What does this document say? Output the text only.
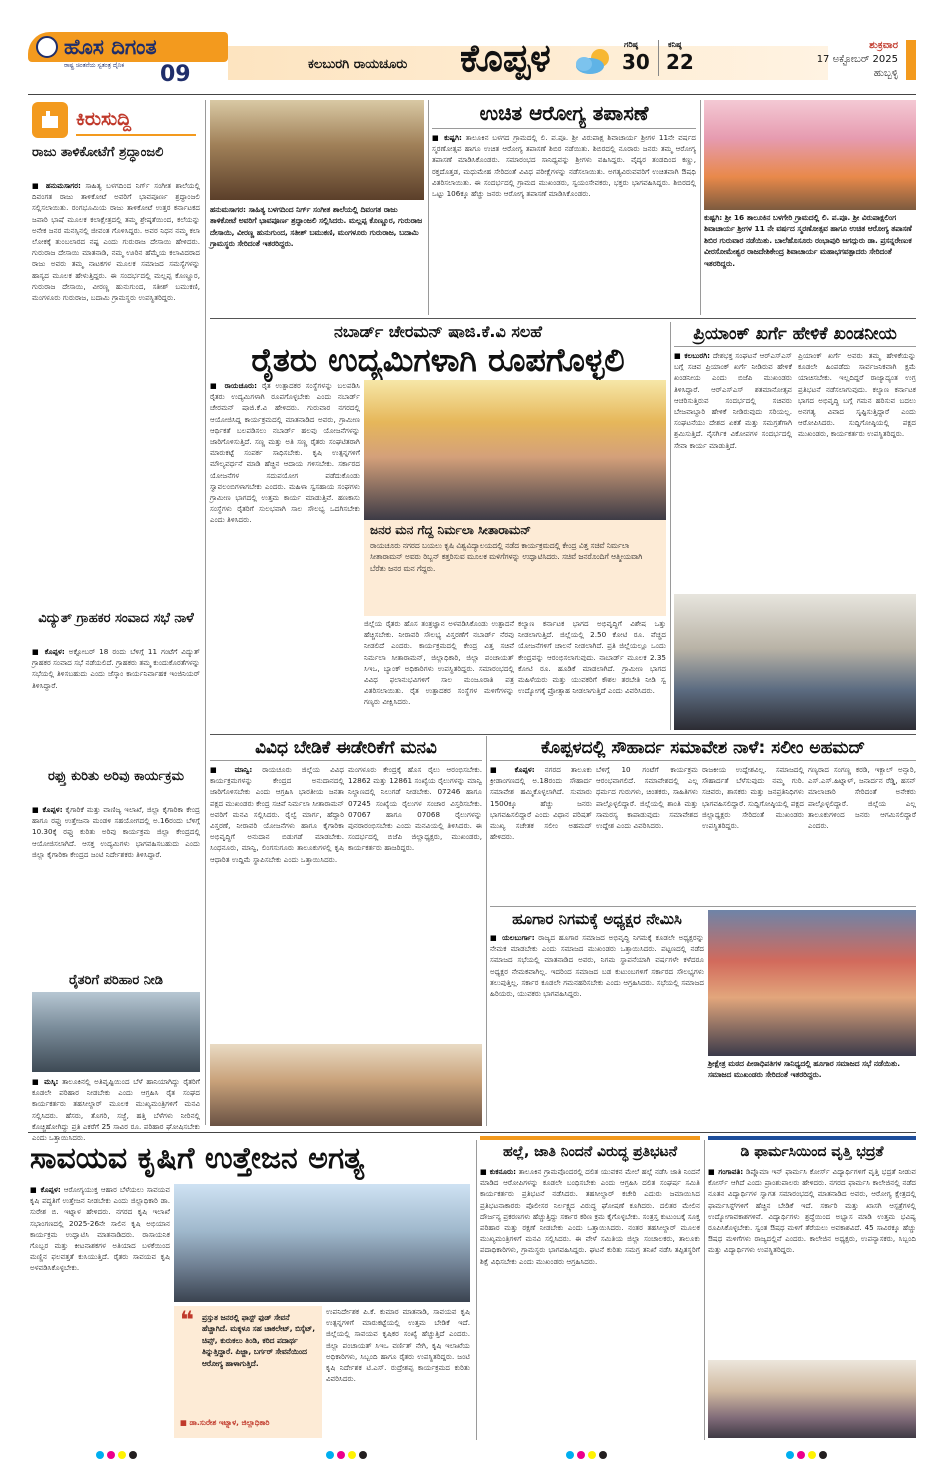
ಹೊಸ ದಿಗಂತ
ರಾಷ್ಟ್ರ ಚಿಂತನೆಯ ಸ್ವತಂತ್ರ ದೈನಿಕ 09	ಕಲಬುರಗಿ ರಾಯಚೂರು ಕೊಪ್ಪಳ	ಗರಿಷ್ಠ
30
ಕನಿಷ್ಠ
22
ಶುಕ್ರವಾರ
17 ಅಕ್ಟೋಬರ್ 2025
ಹುಬ್ಬಳ್ಳಿ
ಕಿರುಸುದ್ದಿ
ರಾಜು ತಾಳಿಕೋಟೆಗೆ ಶ್ರದ್ಧಾಂಜಲಿ
■ ಹನುಮಸಾಗರ: ಸಾಹಿತ್ಯ ಬಳಗದಿಂದ ನಿರ್ಗ್ ಸಂಗೀತ ಶಾಲೆಯಲ್ಲಿ ದಿವಂಗತ ರಾಜು ತಾಳಿಕೋಟೆ ಅವರಿಗೆ ಭಾವಪೂರ್ಣ ಶ್ರದ್ಧಾಂಜಲಿ ಸಲ್ಲಿಸಲಾಯಿತು. ರಂಗಭೂಮಿಯ ರಾಜು ತಾಳಿಕೋಟೆ ಉತ್ತರ ಕರ್ನಾಟಕದ ಜವಾರಿ ಭಾಷೆ ಮೂಲಕ ಕಲಾಕ್ಷೇತ್ರದಲ್ಲಿ ತಮ್ಮ ಶ್ರೇಷ್ಠತೆಯಿಂದ, ಕಲೆಯನ್ನು ಅನೇಕ ಜನರ ಮನಸ್ಸಿನಲ್ಲಿ ಜೀವಂತ ಗೊಳಿಸಿದ್ದರು. ಅವರ ನಿಧನ ನಮ್ಮ ಕಲಾ ಲೋಕಕ್ಕೆ ತುಂಬಲಾರದ ನಷ್ಟ ಎಂದು ಗುರುರಾಜ ದೇಸಾಯಿ ಹೇಳಿದರು. ಗುರುರಾಜ ದೇಸಾಯಿ ಮಾತನಾಡಿ, ನಮ್ಮ ಊರಿನ ಹೆಮ್ಮೆಯ ಕಲಾವಿದರಾದ ರಾಜು ಅವರು ತಮ್ಮ ನಾಟಕಗಳ ಮೂಲಕ ಸಮಾಜದ ಸಮಸ್ಯೆಗಳನ್ನು ಹಾಸ್ಯದ ಮೂಲಕ ಹೇಳುತ್ತಿದ್ದರು. ಈ ಸಂದರ್ಭದಲ್ಲಿ ಮಲ್ಲಪ್ಪ ಕೊಣ್ಣೂರ, ಗುರುರಾಜ ದೇಸಾಯಿ, ವೀರಣ್ಣ ಹುನುಗುಂದ, ಸತೀಶ್ ಬಮುಕಣಿ, ಮಂಗಳೂರು ಗುರುರಾಜ, ಬದಾಮಿ ಗ್ರಾಮಸ್ಥರು ಉಪಸ್ಥಿತರಿದ್ದರು.
ವಿದ್ಯುತ್ ಗ್ರಾಹಕರ ಸಂವಾದ ಸಭೆ ನಾಳೆ
■ ಕೊಪ್ಪಳ: ಅಕ್ಟೋಬರ್ 18 ರಂದು ಬೆಳಿಗ್ಗೆ 11 ಗಂಟೆಗೆ ವಿದ್ಯುತ್ ಗ್ರಾಹಕರ ಸಂವಾದ ಸಭೆ ನಡೆಯಲಿದೆ. ಗ್ರಾಹಕರು ತಮ್ಮ ಕುಂದುಕೊರತೆಗಳನ್ನು ಸಭೆಯಲ್ಲಿ ತಿಳಿಸಬಹುದು ಎಂದು ಜೆಸ್ಕಾಂ ಕಾರ್ಯನಿರ್ವಾಹಕ ಇಂಜಿನಿಯರ್ ತಿಳಿಸಿದ್ದಾರೆ.
ರಫ್ತು ಕುರಿತು ಅರಿವು ಕಾರ್ಯಕ್ರಮ
■ ಕೊಪ್ಪಳ: ಕೈಗಾರಿಕೆ ಮತ್ತು ವಾಣಿಜ್ಯ ಇಲಾಖೆ, ಜಿಲ್ಲಾ ಕೈಗಾರಿಕಾ ಕೇಂದ್ರ ಹಾಗೂ ರಫ್ತು ಉತ್ತೇಜನಾ ಮಂಡಳಿ ಸಹಯೋಗದಲ್ಲಿ ಅ.16ರಂದು ಬೆಳಿಗ್ಗೆ 10.30ಕ್ಕೆ ರಫ್ತು ಕುರಿತು ಅರಿವು ಕಾರ್ಯಕ್ರಮ ಜಿಲ್ಲಾ ಕೇಂದ್ರದಲ್ಲಿ ಆಯೋಜಿಸಲಾಗಿದೆ. ಆಸಕ್ತ ಉದ್ಯಮಿಗಳು ಭಾಗವಹಿಸಬಹುದು ಎಂದು ಜಿಲ್ಲಾ ಕೈಗಾರಿಕಾ ಕೇಂದ್ರದ ಜಂಟಿ ನಿರ್ದೇಶಕರು ತಿಳಿಸಿದ್ದಾರೆ.
ರೈತರಿಗೆ ಪರಿಹಾರ ನೀಡಿ
■ ಮಸ್ಕಿ: ತಾಲೂಕಿನಲ್ಲಿ ಅತಿವೃಷ್ಟಿಯಿಂದ ಬೆಳೆ ಹಾನಿಯಾಗಿದ್ದು ರೈತರಿಗೆ ಕೂಡಲೇ ಪರಿಹಾರ ನೀಡಬೇಕು ಎಂದು ಆಗ್ರಹಿಸಿ ರೈತ ಸಂಘದ ಕಾರ್ಯಕರ್ತರು ತಹಸೀಲ್ದಾರ್ ಮೂಲಕ ಮುಖ್ಯಮಂತ್ರಿಗಳಿಗೆ ಮನವಿ ಸಲ್ಲಿಸಿದರು. ಹೆಸರು, ತೊಗರಿ, ಸಜ್ಜೆ, ಹತ್ತಿ ಬೆಳೆಗಳು ನೀರಿನಲ್ಲಿ ಕೊಚ್ಚಿಹೋಗಿದ್ದು ಪ್ರತಿ ಎಕರೆಗೆ 25 ಸಾವಿರ ರೂ. ಪರಿಹಾರ ಘೋಷಿಸಬೇಕು ಎಂದು ಒತ್ತಾಯಿಸಿದರು.
ಹನುಮಸಾಗರ: ಸಾಹಿತ್ಯ ಬಳಗದಿಂದ ನಿರ್ಗ್ ಸಂಗೀತ ಶಾಲೆಯಲ್ಲಿ ದಿವಂಗತ ರಾಜು ತಾಳಿಕೋಟೆ ಅವರಿಗೆ ಭಾವಪೂರ್ಣ ಶ್ರದ್ಧಾಂಜಲಿ ಸಲ್ಲಿಸಿದರು. ಮಲ್ಲಪ್ಪ ಕೊಣ್ಣೂರ, ಗುರುರಾಜ ದೇಸಾಯಿ, ವೀರಣ್ಣ ಹುನುಗುಂದ, ಸತೀಶ್ ಬಮುಕಣಿ, ಮಂಗಳೂರು ಗುರುರಾಜ, ಬದಾಮಿ ಗ್ರಾಮಸ್ಥರು ಸೇರಿದಂತೆ ಇತರರಿದ್ದರು.
ಉಚಿತ ಆರೋಗ್ಯ ತಪಾಸಣೆ
■ ಕುಷ್ಟಗಿ: ತಾಲೂಕಿನ ಬಳಗದ ಗ್ರಾಮದಲ್ಲಿ ಲಿ. ಪ.ಪೂ. ಶ್ರೀ ವಿರುಪಾಕ್ಷ ಶಿವಾಚಾರ್ಯ ಶ್ರೀಗಳ 11ನೇ ವರ್ಷದ ಸ್ಮರಣೋತ್ಸವ ಹಾಗೂ ಉಚಿತ ಆರೋಗ್ಯ ತಪಾಸಣೆ ಶಿಬಿರ ನಡೆಯಿತು. ಶಿಬಿರದಲ್ಲಿ ನೂರಾರು ಜನರು ತಮ್ಮ ಆರೋಗ್ಯ ತಪಾಸಣೆ ಮಾಡಿಸಿಕೊಂಡರು. ಸಮಾರಂಭದ ಸಾನಿಧ್ಯವನ್ನು ಶ್ರೀಗಳು ವಹಿಸಿದ್ದರು. ವೈದ್ಯರ ತಂಡದಿಂದ ಕಣ್ಣು, ರಕ್ತದೊತ್ತಡ, ಮಧುಮೇಹ ಸೇರಿದಂತೆ ವಿವಿಧ ಪರೀಕ್ಷೆಗಳನ್ನು ನಡೆಸಲಾಯಿತು. ಅಗತ್ಯವಿರುವವರಿಗೆ ಉಚಿತವಾಗಿ ಔಷಧಿ ವಿತರಿಸಲಾಯಿತು. ಈ ಸಂದರ್ಭದಲ್ಲಿ ಗ್ರಾಮದ ಮುಖಂಡರು, ಸ್ವಯಂಸೇವಕರು, ಭಕ್ತರು ಭಾಗವಹಿಸಿದ್ದರು. ಶಿಬಿರದಲ್ಲಿ ಒಟ್ಟು 106ಕ್ಕೂ ಹೆಚ್ಚು ಜನರು ಆರೋಗ್ಯ ತಪಾಸಣೆ ಮಾಡಿಸಿಕೊಂಡರು.
ಕುಷ್ಟಗಿ: ಶ್ರೀ 16 ತಾಲೂಕಿನ ಬಳಗೇರಿ ಗ್ರಾಮದಲ್ಲಿ ಲಿ. ಪ.ಪೂ. ಶ್ರೀ ವಿರುಪಾಕ್ಷಲಿಂಗ ಶಿವಾಚಾರ್ಯ ಶ್ರೀಗಳ 11 ನೇ ವರ್ಷದ ಸ್ಮರಣೋತ್ಸವ ಹಾಗೂ ಉಚಿತ ಆರೋಗ್ಯ ತಪಾಸಣೆ ಶಿಬಿರ ಗುರುವಾರ ನಡೆಯಿತು. ಬಾಲೆಹೊಸೂರು ರಂಭಾಪುರಿ ಜಗದ್ಗುರು ಡಾ. ಪ್ರಸನ್ನರೇಣುಕ ವೀರಸೋಮೇಶ್ವರ ರಾಜದೇಶಿಕೇಂದ್ರ ಶಿವಾಚಾರ್ಯ ಮಹಾಭಗವತ್ಪಾದರು ಸೇರಿದಂತೆ ಇತರರಿದ್ದರು.
ನಬಾರ್ಡ್ ಚೇರಮನ್ ಷಾಜಿ.ಕೆ.ವಿ ಸಲಹೆ
ರೈತರು ಉದ್ಯಮಿಗಳಾಗಿ ರೂಪಗೊಳ್ಳಲಿ
■ ರಾಯಚೂರು: ರೈತ ಉತ್ಪಾದಕರ ಸಂಸ್ಥೆಗಳನ್ನು ಬಲಪಡಿಸಿ ರೈತರು ಉದ್ಯಮಿಗಳಾಗಿ ರೂಪಗೊಳ್ಳಬೇಕು ಎಂದು ನಬಾರ್ಡ್ ಚೇರಮನ್ ಷಾಜಿ.ಕೆ.ವಿ ಹೇಳಿದರು. ಗುರುವಾರ ನಗರದಲ್ಲಿ ಆಯೋಜಿಸಿದ್ದ ಕಾರ್ಯಕ್ರಮದಲ್ಲಿ ಮಾತನಾಡಿದ ಅವರು, ಗ್ರಾಮೀಣ ಆರ್ಥಿಕತೆ ಬಲಪಡಿಸಲು ನಬಾರ್ಡ್ ಹಲವು ಯೋಜನೆಗಳನ್ನು ಜಾರಿಗೊಳಿಸುತ್ತಿದೆ. ಸಣ್ಣ ಮತ್ತು ಅತಿ ಸಣ್ಣ ರೈತರು ಸಂಘಟಿತರಾಗಿ ಮಾರುಕಟ್ಟೆ ಸಂಪರ್ಕ ಸಾಧಿಸಬೇಕು. ಕೃಷಿ ಉತ್ಪನ್ನಗಳಿಗೆ ಮೌಲ್ಯವರ್ಧನೆ ಮಾಡಿ ಹೆಚ್ಚಿನ ಆದಾಯ ಗಳಿಸಬೇಕು. ಸರ್ಕಾರದ ಯೋಜನೆಗಳ ಸದುಪಯೋಗ ಪಡೆದುಕೊಂಡು ಸ್ವಾವಲಂಬಿಗಳಾಗಬೇಕು ಎಂದರು. ಮಹಿಳಾ ಸ್ವಸಹಾಯ ಸಂಘಗಳು ಗ್ರಾಮೀಣ ಭಾಗದಲ್ಲಿ ಉತ್ತಮ ಕಾರ್ಯ ಮಾಡುತ್ತಿವೆ. ಹಣಕಾಸು ಸಂಸ್ಥೆಗಳು ರೈತರಿಗೆ ಸುಲಭವಾಗಿ ಸಾಲ ಸೌಲಭ್ಯ ಒದಗಿಸಬೇಕು ಎಂದು ತಿಳಿಸಿದರು.
ಜನರ ಮನ ಗೆದ್ದ ನಿರ್ಮಲಾ ಸೀತಾರಾಮನ್
ರಾಯಚೂರು ನಗರದ ಬಯಲು ಕೃಷಿ ವಿಶ್ವವಿದ್ಯಾಲಯದಲ್ಲಿ ನಡೆದ ಕಾರ್ಯಕ್ರಮದಲ್ಲಿ ಕೇಂದ್ರ ವಿತ್ತ ಸಚಿವೆ ನಿರ್ಮಲಾ ಸೀತಾರಾಮನ್ ಅವರು ರಿಬ್ಬನ್ ಕತ್ತರಿಸುವ ಮೂಲಕ ಮಳಿಗೆಗಳನ್ನು ಉದ್ಘಾಟಿಸಿದರು. ಸಚಿವೆ ಜನರೊಂದಿಗೆ ಆತ್ಮೀಯವಾಗಿ ಬೆರೆತು ಜನರ ಮನ ಗೆದ್ದರು.
ಜಿಲ್ಲೆಯ ರೈತರು ಹೊಸ ತಂತ್ರಜ್ಞಾನ ಅಳವಡಿಸಿಕೊಂಡು ಉತ್ಪಾದನೆ ಹೆಚ್ಚಿಸಬೇಕು. ನೀರಾವರಿ ಸೌಲಭ್ಯ ವಿಸ್ತರಣೆಗೆ ನಬಾರ್ಡ್ ನೆರವು ನೀಡಲಿದೆ ಎಂದರು. ಕಾರ್ಯಕ್ರಮದಲ್ಲಿ ಕೇಂದ್ರ ವಿತ್ತ ಸಚಿವೆ ನಿರ್ಮಲಾ ಸೀತಾರಾಮನ್, ಜಿಲ್ಲಾಧಿಕಾರಿ, ಜಿಲ್ಲಾ ಪಂಚಾಯತ್ ಸಿಇಒ, ಬ್ಯಾಂಕ್ ಅಧಿಕಾರಿಗಳು ಉಪಸ್ಥಿತರಿದ್ದರು. ಸಮಾರಂಭದಲ್ಲಿ ವಿವಿಧ ಫಲಾನುಭವಿಗಳಿಗೆ ಸಾಲ ಮಂಜೂರಾತಿ ಪತ್ರ ವಿತರಿಸಲಾಯಿತು. ರೈತ ಉತ್ಪಾದಕರ ಸಂಸ್ಥೆಗಳ ಮಳಿಗೆಗಳನ್ನು ಗಣ್ಯರು ವೀಕ್ಷಿಸಿದರು.
ಕಲ್ಯಾಣ ಕರ್ನಾಟಕ ಭಾಗದ ಅಭಿವೃದ್ಧಿಗೆ ವಿಶೇಷ ಒತ್ತು ನೀಡಲಾಗುತ್ತಿದೆ. ಜಿಲ್ಲೆಯಲ್ಲಿ 2.50 ಕೋಟಿ ರೂ. ವೆಚ್ಚದ ಯೋಜನೆಗಳಿಗೆ ಚಾಲನೆ ನೀಡಲಾಗಿದೆ. ಪ್ರತಿ ಜಿಲ್ಲೆಯಲ್ಲೂ ಒಂದು ಕೇಂದ್ರವನ್ನು ಆರಂಭಿಸಲಾಗುವುದು. ನಾಬಾರ್ಡ್ ಮೂಲಕ 2.35 ಕೋಟಿ ರೂ. ಹೂಡಿಕೆ ಮಾಡಲಾಗಿದೆ. ಗ್ರಾಮೀಣ ಭಾಗದ ಮಹಿಳೆಯರು ಮತ್ತು ಯುವಕರಿಗೆ ಕೌಶಲ ತರಬೇತಿ ನೀಡಿ ಸ್ವ ಉದ್ಯೋಗಕ್ಕೆ ಪ್ರೋತ್ಸಾಹ ನೀಡಲಾಗುತ್ತಿದೆ ಎಂದು ವಿವರಿಸಿದರು.
ಪ್ರಿಯಾಂಕ್ ಖರ್ಗೆ ಹೇಳಿಕೆ ಖಂಡನೀಯ
■ ಕಲಬುರಗಿ: ದೇಶಭಕ್ತ ಸಂಘಟನೆ ಆರ್‌ಎಸ್‌ಎಸ್ ಬಗ್ಗೆ ಸಚಿವ ಪ್ರಿಯಾಂಕ್ ಖರ್ಗೆ ನೀಡಿರುವ ಹೇಳಿಕೆ ಖಂಡನೀಯ ಎಂದು ಬಿಜೆಪಿ ಮುಖಂಡರು ತಿಳಿಸಿದ್ದಾರೆ. ಆರ್‌ಎಸ್‌ಎಸ್ ಶತಮಾನೋತ್ಸವ ಆಚರಿಸುತ್ತಿರುವ ಸಂದರ್ಭದಲ್ಲಿ ಸಚಿವರು ಬೇಜವಾಬ್ದಾರಿ ಹೇಳಿಕೆ ನೀಡಿರುವುದು ಸರಿಯಲ್ಲ. ಸಂಘಟನೆಯು ದೇಶದ ಏಕತೆ ಮತ್ತು ಸಮಗ್ರತೆಗಾಗಿ ಶ್ರಮಿಸುತ್ತಿದೆ. ನೈಸರ್ಗಿಕ ವಿಕೋಪಗಳ ಸಂದರ್ಭದಲ್ಲಿ ಸೇವಾ ಕಾರ್ಯ ಮಾಡುತ್ತಿದೆ.
ಪ್ರಿಯಾಂಕ್ ಖರ್ಗೆ ಅವರು ತಮ್ಮ ಹೇಳಿಕೆಯನ್ನು ಕೂಡಲೇ ಹಿಂಪಡೆದು ಸಾರ್ವಜನಿಕವಾಗಿ ಕ್ಷಮೆ ಯಾಚಿಸಬೇಕು. ಇಲ್ಲದಿದ್ದರೆ ರಾಜ್ಯಾದ್ಯಂತ ಉಗ್ರ ಪ್ರತಿಭಟನೆ ನಡೆಸಲಾಗುವುದು. ಕಲ್ಯಾಣ ಕರ್ನಾಟಕ ಭಾಗದ ಅಭಿವೃದ್ಧಿ ಬಗ್ಗೆ ಗಮನ ಹರಿಸುವ ಬದಲು ಅನಗತ್ಯ ವಿವಾದ ಸೃಷ್ಟಿಸುತ್ತಿದ್ದಾರೆ ಎಂದು ಆರೋಪಿಸಿದರು. ಸುದ್ದಿಗೋಷ್ಠಿಯಲ್ಲಿ ಪಕ್ಷದ ಮುಖಂಡರು, ಕಾರ್ಯಕರ್ತರು ಉಪಸ್ಥಿತರಿದ್ದರು.
ವಿವಿಧ ಬೇಡಿಕೆ ಈಡೇರಿಕೆಗೆ ಮನವಿ
■ ಮಾನ್ವಿ: ರಾಯಚೂರು ಜಿಲ್ಲೆಯ ವಿವಿಧ ಕಾರ್ಯಕ್ರಮಗಳನ್ನು ಕೇಂದ್ರದ ಅನುದಾನದಲ್ಲಿ ಜಾರಿಗೊಳಿಸಬೇಕು ಎಂದು ಆಗ್ರಹಿಸಿ ಭಾರತೀಯ ಜನತಾ ಪಕ್ಷದ ಮುಖಂಡರು ಕೇಂದ್ರ ಸಚಿವೆ ನಿರ್ಮಲಾ ಸೀತಾರಾಮನ್ ಅವರಿಗೆ ಮನವಿ ಸಲ್ಲಿಸಿದರು. ರೈಲ್ವೆ ಮಾರ್ಗ, ಹೆದ್ದಾರಿ ವಿಸ್ತರಣೆ, ನೀರಾವರಿ ಯೋಜನೆಗಳು ಹಾಗೂ ಕೈಗಾರಿಕಾ ಅಭಿವೃದ್ಧಿಗೆ ಅನುದಾನ ಬಿಡುಗಡೆ ಮಾಡಬೇಕು. ಸಿಂಧನೂರು, ಮಾನ್ವಿ, ಲಿಂಗಸುಗೂರು ತಾಲೂಕುಗಳಲ್ಲಿ ಕೃಷಿ ಆಧಾರಿತ ಉದ್ದಿಮೆ ಸ್ಥಾಪಿಸಬೇಕು ಎಂದು ಒತ್ತಾಯಿಸಿದರು.
ಮಂಗಳೂರು ಕೇಂದ್ರಕ್ಕೆ ಹೊಸ ರೈಲು ಆರಂಭಿಸಬೇಕು. 12862 ಮತ್ತು 12861 ಸಂಖ್ಯೆಯ ರೈಲುಗಳನ್ನು ಮಾನ್ವಿ ನಿಲ್ದಾಣದಲ್ಲಿ ನಿಲುಗಡೆ ನೀಡಬೇಕು. 07246 ಹಾಗೂ 07245 ಸಂಖ್ಯೆಯ ರೈಲುಗಳ ಸಂಚಾರ ವಿಸ್ತರಿಸಬೇಕು. 07067 ಹಾಗೂ 07068 ರೈಲುಗಳನ್ನು ಪುನರಾರಂಭಿಸಬೇಕು ಎಂದು ಮನವಿಯಲ್ಲಿ ತಿಳಿಸಿದರು. ಈ ಸಂದರ್ಭದಲ್ಲಿ ಬಿಜೆಪಿ ಜಿಲ್ಲಾಧ್ಯಕ್ಷರು, ಮುಖಂಡರು, ಕಾರ್ಯಕರ್ತರು ಹಾಜರಿದ್ದರು.
ಕೊಪ್ಪಳದಲ್ಲಿ ಸೌಹಾರ್ದ ಸಮಾವೇಶ ನಾಳೆ: ಸಲೀಂ ಅಹಮದ್
■ ಕೊಪ್ಪಳ: ನಗರದ ತಾಲೂಕು ಕ್ರೀಡಾಂಗಣದಲ್ಲಿ ಅ.18ರಂದು ಸೌಹಾರ್ದ ಸಮಾವೇಶ ಹಮ್ಮಿಕೊಳ್ಳಲಾಗಿದೆ. ಸುಮಾರು 1500ಕ್ಕೂ ಹೆಚ್ಚು ಜನರು ಭಾಗವಹಿಸಲಿದ್ದಾರೆ ಎಂದು ವಿಧಾನ ಪರಿಷತ್ ಮುಖ್ಯ ಸಚೇತಕ ಸಲೀಂ ಅಹಮದ್ ಹೇಳಿದರು.
ಬೆಳಿಗ್ಗೆ 10 ಗಂಟೆಗೆ ಕಾರ್ಯಕ್ರಮ ಆರಂಭವಾಗಲಿದೆ. ಸಮಾವೇಶದಲ್ಲಿ ಎಲ್ಲ ಧರ್ಮದ ಗುರುಗಳು, ಚಿಂತಕರು, ಸಾಹಿತಿಗಳು ಪಾಲ್ಗೊಳ್ಳಲಿದ್ದಾರೆ. ಜಿಲ್ಲೆಯಲ್ಲಿ ಶಾಂತಿ ಮತ್ತು ಸಾಮರಸ್ಯ ಕಾಪಾಡುವುದು ಸಮಾವೇಶದ ಉದ್ದೇಶ ಎಂದು ವಿವರಿಸಿದರು.
ರಾಜಕೀಯ ಉದ್ದೇಶವಿಲ್ಲ. ಸಮಾಜದಲ್ಲಿ ಸೌಹಾರ್ದತೆ ಬೆಳೆಸುವುದು ನಮ್ಮ ಗುರಿ. ಸಚಿವರು, ಶಾಸಕರು ಮತ್ತು ಜನಪ್ರತಿನಿಧಿಗಳು ಭಾಗವಹಿಸಲಿದ್ದಾರೆ. ಸುದ್ದಿಗೋಷ್ಠಿಯಲ್ಲಿ ಪಕ್ಷದ ಜಿಲ್ಲಾಧ್ಯಕ್ಷರು ಸೇರಿದಂತೆ ಮುಖಂಡರು ಉಪಸ್ಥಿತರಿದ್ದರು.
ಗಣ್ಯರಾದ ಸಂಗಣ್ಣ ಕರಡಿ, ಇಕ್ಬಾಲ್ ಅನ್ಸಾರಿ, ಎಸ್.ಎಸ್.ಹಿಟ್ನಾಳ್, ಜನಾರ್ದನ ರೆಡ್ಡಿ, ಹಸನ್ ಮಾಲಾಚಾರಿ ಸೇರಿದಂತೆ ಅನೇಕರು ಪಾಲ್ಗೊಳ್ಳಲಿದ್ದಾರೆ. ಜಿಲ್ಲೆಯ ಎಲ್ಲ ತಾಲೂಕುಗಳಿಂದ ಜನರು ಆಗಮಿಸಲಿದ್ದಾರೆ ಎಂದರು.
ಹೂಗಾರ ನಿಗಮಕ್ಕೆ ಅಧ್ಯಕ್ಷರ ನೇಮಿಸಿ
■ ಯಲಬುರ್ಗಾ: ರಾಜ್ಯದ ಹೂಗಾರ ಸಮಾಜದ ಅಭಿವೃದ್ಧಿ ನಿಗಮಕ್ಕೆ ಕೂಡಲೇ ಅಧ್ಯಕ್ಷರನ್ನು ನೇಮಕ ಮಾಡಬೇಕು ಎಂದು ಸಮಾಜದ ಮುಖಂಡರು ಒತ್ತಾಯಿಸಿದರು. ಪಟ್ಟಣದಲ್ಲಿ ನಡೆದ ಸಮಾಜದ ಸಭೆಯಲ್ಲಿ ಮಾತನಾಡಿದ ಅವರು, ನಿಗಮ ಸ್ಥಾಪನೆಯಾಗಿ ವರ್ಷಗಳೇ ಕಳೆದರೂ ಅಧ್ಯಕ್ಷರ ನೇಮಕವಾಗಿಲ್ಲ. ಇದರಿಂದ ಸಮಾಜದ ಬಡ ಕುಟುಂಬಗಳಿಗೆ ಸರ್ಕಾರದ ಸೌಲಭ್ಯಗಳು ತಲುಪುತ್ತಿಲ್ಲ. ಸರ್ಕಾರ ಕೂಡಲೇ ಗಮನಹರಿಸಬೇಕು ಎಂದು ಆಗ್ರಹಿಸಿದರು. ಸಭೆಯಲ್ಲಿ ಸಮಾಜದ ಹಿರಿಯರು, ಯುವಕರು ಭಾಗವಹಿಸಿದ್ದರು.
ಶ್ರೀಕ್ಷೇತ್ರ ಮಠದ ಪೀಠಾಧಿಪತಿಗಳ ಸಾನಿಧ್ಯದಲ್ಲಿ ಹೂಗಾರ ಸಮಾಜದ ಸಭೆ ನಡೆಯಿತು. ಸಮಾಜದ ಮುಖಂಡರು ಸೇರಿದಂತೆ ಇತರರಿದ್ದರು.
ಸಾವಯವ ಕೃಷಿಗೆ ಉತ್ತೇಜನ ಅಗತ್ಯ
■ ಕೊಪ್ಪಳ: ಆರೋಗ್ಯಯುಕ್ತ ಆಹಾರ ಬೆಳೆಯಲು ಸಾವಯವ ಕೃಷಿ ಪದ್ಧತಿಗೆ ಉತ್ತೇಜನ ನೀಡಬೇಕು ಎಂದು ಜಿಲ್ಲಾಧಿಕಾರಿ ಡಾ. ಸುರೇಶ ಬಿ. ಇಟ್ನಾಳ ಹೇಳಿದರು. ನಗರದ ಕೃಷಿ ಇಲಾಖೆ ಸಭಾಂಗಣದಲ್ಲಿ 2025-26ನೇ ಸಾಲಿನ ಕೃಷಿ ಅಭಿಯಾನ ಕಾರ್ಯಕ್ರಮ ಉದ್ಘಾಟಿಸಿ ಮಾತನಾಡಿದರು. ರಾಸಾಯನಿಕ ಗೊಬ್ಬರ ಮತ್ತು ಕೀಟನಾಶಕಗಳ ಅತಿಯಾದ ಬಳಕೆಯಿಂದ ಮಣ್ಣಿನ ಫಲವತ್ತತೆ ಕುಸಿಯುತ್ತಿದೆ. ರೈತರು ಸಾವಯವ ಕೃಷಿ ಅಳವಡಿಸಿಕೊಳ್ಳಬೇಕು.
❝ ಪ್ರಸ್ತುತ ಜನರಲ್ಲಿ ಫಾಸ್ಟ್ ಫುಡ್ ಸೇವನೆ ಹೆಚ್ಚಾಗಿದೆ. ಮಕ್ಕಳೂ ಸಹ ಚಾಕಲೇಟ್, ಬಿಸ್ಕೆಟ್, ಚಿಪ್ಸ್, ಕುರುಕಲು ತಿಂಡಿ, ಕರಿದ ಪದಾರ್ಥ ತಿನ್ನುತ್ತಿದ್ದಾರೆ. ಪಿಜ್ಜಾ, ಬರ್ಗರ್ ಸೇವನೆಯಿಂದ ಆರೋಗ್ಯ ಹಾಳಾಗುತ್ತಿದೆ.
■ ಡಾ.ಸುರೇಶ ಇಟ್ನಾಳ, ಜಿಲ್ಲಾಧಿಕಾರಿ
ಉಪನಿರ್ದೇಶಕ ಪಿ.ಕೆ. ಕುಮಾರ ಮಾತನಾಡಿ, ಸಾವಯವ ಕೃಷಿ ಉತ್ಪನ್ನಗಳಿಗೆ ಮಾರುಕಟ್ಟೆಯಲ್ಲಿ ಉತ್ತಮ ಬೇಡಿಕೆ ಇದೆ. ಜಿಲ್ಲೆಯಲ್ಲಿ ಸಾವಯವ ಕೃಷಿಕರ ಸಂಖ್ಯೆ ಹೆಚ್ಚುತ್ತಿದೆ ಎಂದರು. ಜಿಲ್ಲಾ ಪಂಚಾಯತ್ ಸಿಇಒ ವರ್ಣಿತ್ ನೇಗಿ, ಕೃಷಿ ಇಲಾಖೆಯ ಅಧಿಕಾರಿಗಳು, ಸಿಬ್ಬಂದಿ ಹಾಗೂ ರೈತರು ಉಪಸ್ಥಿತರಿದ್ದರು. ಜಂಟಿ ಕೃಷಿ ನಿರ್ದೇಶಕ ಟಿ.ಎಸ್. ರುದ್ರೇಶಪ್ಪ ಕಾರ್ಯಕ್ರಮದ ಕುರಿತು ವಿವರಿಸಿದರು.
ಹಲ್ಲೆ, ಜಾತಿ ನಿಂದನೆ ವಿರುದ್ಧ ಪ್ರತಿಭಟನೆ
■ ಕುಕನೂರು: ತಾಲೂಕಿನ ಗ್ರಾಮವೊಂದರಲ್ಲಿ ದಲಿತ ಯುವಕನ ಮೇಲೆ ಹಲ್ಲೆ ನಡೆಸಿ ಜಾತಿ ನಿಂದನೆ ಮಾಡಿದ ಆರೋಪಿಗಳನ್ನು ಕೂಡಲೇ ಬಂಧಿಸಬೇಕು ಎಂದು ಆಗ್ರಹಿಸಿ ದಲಿತ ಸಂಘರ್ಷ ಸಮಿತಿ ಕಾರ್ಯಕರ್ತರು ಪ್ರತಿಭಟನೆ ನಡೆಸಿದರು. ತಹಸೀಲ್ದಾರ್ ಕಚೇರಿ ಎದುರು ಜಮಾಯಿಸಿದ ಪ್ರತಿಭಟನಾಕಾರರು ಪೊಲೀಸರ ನಿರ್ಲಕ್ಷ್ಯದ ವಿರುದ್ಧ ಘೋಷಣೆ ಕೂಗಿದರು. ದಲಿತರ ಮೇಲಿನ ದೌರ್ಜನ್ಯ ಪ್ರಕರಣಗಳು ಹೆಚ್ಚುತ್ತಿದ್ದು ಸರ್ಕಾರ ಕಠಿಣ ಕ್ರಮ ಕೈಗೊಳ್ಳಬೇಕು. ಸಂತ್ರಸ್ತ ಕುಟುಂಬಕ್ಕೆ ಸೂಕ್ತ ಪರಿಹಾರ ಮತ್ತು ರಕ್ಷಣೆ ನೀಡಬೇಕು ಎಂದು ಒತ್ತಾಯಿಸಿದರು. ನಂತರ ತಹಸೀಲ್ದಾರ್ ಮೂಲಕ ಮುಖ್ಯಮಂತ್ರಿಗಳಿಗೆ ಮನವಿ ಸಲ್ಲಿಸಿದರು. ಈ ವೇಳೆ ಸಮಿತಿಯ ಜಿಲ್ಲಾ ಸಂಚಾಲಕರು, ತಾಲೂಕು ಪದಾಧಿಕಾರಿಗಳು, ಗ್ರಾಮಸ್ಥರು ಭಾಗವಹಿಸಿದ್ದರು. ಘಟನೆ ಕುರಿತು ಸಮಗ್ರ ತನಿಖೆ ನಡೆಸಿ ತಪ್ಪಿತಸ್ಥರಿಗೆ ಶಿಕ್ಷೆ ವಿಧಿಸಬೇಕು ಎಂದು ಮುಖಂಡರು ಆಗ್ರಹಿಸಿದರು.
ಡಿ ಫಾರ್ಮಸಿಯಿಂದ ವೃತ್ತಿ ಭದ್ರತೆ
■ ಗಂಗಾವತಿ: ಡಿಪ್ಲೊಮಾ ಇನ್ ಫಾರ್ಮಸಿ ಕೋರ್ಸ್ ವಿದ್ಯಾರ್ಥಿಗಳಿಗೆ ವೃತ್ತಿ ಭದ್ರತೆ ನೀಡುವ ಕೋರ್ಸ್ ಆಗಿದೆ ಎಂದು ಪ್ರಾಂಶುಪಾಲರು ಹೇಳಿದರು. ನಗರದ ಫಾರ್ಮಸಿ ಕಾಲೇಜಿನಲ್ಲಿ ನಡೆದ ನೂತನ ವಿದ್ಯಾರ್ಥಿಗಳ ಸ್ವಾಗತ ಸಮಾರಂಭದಲ್ಲಿ ಮಾತನಾಡಿದ ಅವರು, ಆರೋಗ್ಯ ಕ್ಷೇತ್ರದಲ್ಲಿ ಫಾರ್ಮಸಿಸ್ಟ್‌ಗಳಿಗೆ ಹೆಚ್ಚಿನ ಬೇಡಿಕೆ ಇದೆ. ಸರ್ಕಾರಿ ಮತ್ತು ಖಾಸಗಿ ಆಸ್ಪತ್ರೆಗಳಲ್ಲಿ ಉದ್ಯೋಗಾವಕಾಶಗಳಿವೆ. ವಿದ್ಯಾರ್ಥಿಗಳು ಶ್ರದ್ಧೆಯಿಂದ ಅಭ್ಯಾಸ ಮಾಡಿ ಉತ್ತಮ ಭವಿಷ್ಯ ರೂಪಿಸಿಕೊಳ್ಳಬೇಕು. ಸ್ವಂತ ಔಷಧ ಮಳಿಗೆ ತೆರೆಯಲು ಅವಕಾಶವಿದೆ. 45 ಸಾವಿರಕ್ಕೂ ಹೆಚ್ಚು ಔಷಧ ಮಳಿಗೆಗಳು ರಾಜ್ಯದಲ್ಲಿವೆ ಎಂದರು. ಕಾಲೇಜಿನ ಅಧ್ಯಕ್ಷರು, ಉಪನ್ಯಾಸಕರು, ಸಿಬ್ಬಂದಿ ಮತ್ತು ವಿದ್ಯಾರ್ಥಿಗಳು ಉಪಸ್ಥಿತರಿದ್ದರು.
